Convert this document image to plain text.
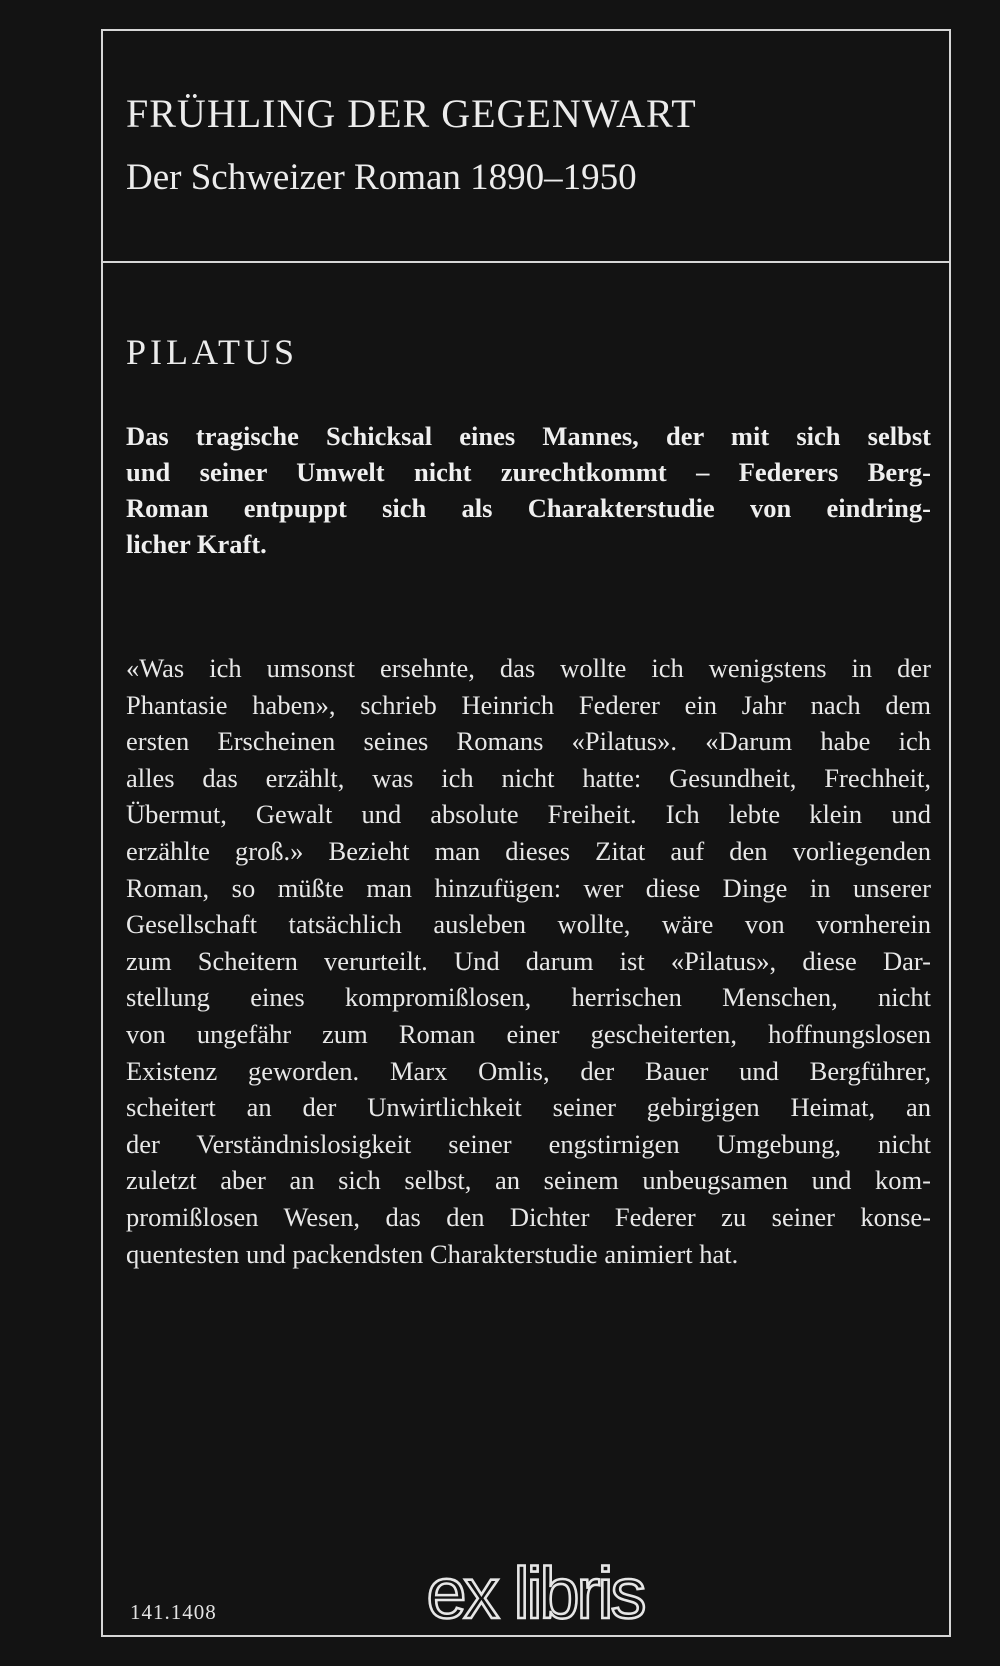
FRÜHLING DER GEGENWART
Der Schweizer Roman 1890–1950
PILATUS
Das tragische Schicksal eines Mannes, der mit sich selbst
und seiner Umwelt nicht zurechtkommt – Federers Berg-
Roman entpuppt sich als Charakterstudie von eindring-
licher Kraft.
«Was ich umsonst ersehnte, das wollte ich wenigstens in der
Phantasie haben», schrieb Heinrich Federer ein Jahr nach dem
ersten Erscheinen seines Romans «Pilatus». «Darum habe ich
alles das erzählt, was ich nicht hatte: Gesundheit, Frechheit,
Übermut, Gewalt und absolute Freiheit. Ich lebte klein und
erzählte groß.» Bezieht man dieses Zitat auf den vorliegenden
Roman, so müßte man hinzufügen: wer diese Dinge in unserer
Gesellschaft tatsächlich ausleben wollte, wäre von vornherein
zum Scheitern verurteilt. Und darum ist «Pilatus», diese Dar-
stellung eines kompromißlosen, herrischen Menschen, nicht
von ungefähr zum Roman einer gescheiterten, hoffnungslosen
Existenz geworden. Marx Omlis, der Bauer und Bergführer,
scheitert an der Unwirtlichkeit seiner gebirgigen Heimat, an
der Verständnislosigkeit seiner engstirnigen Umgebung, nicht
zuletzt aber an sich selbst, an seinem unbeugsamen und kom-
promißlosen Wesen, das den Dichter Federer zu seiner konse-
quentesten und packendsten Charakterstudie animiert hat.
141.1408	ex libris
